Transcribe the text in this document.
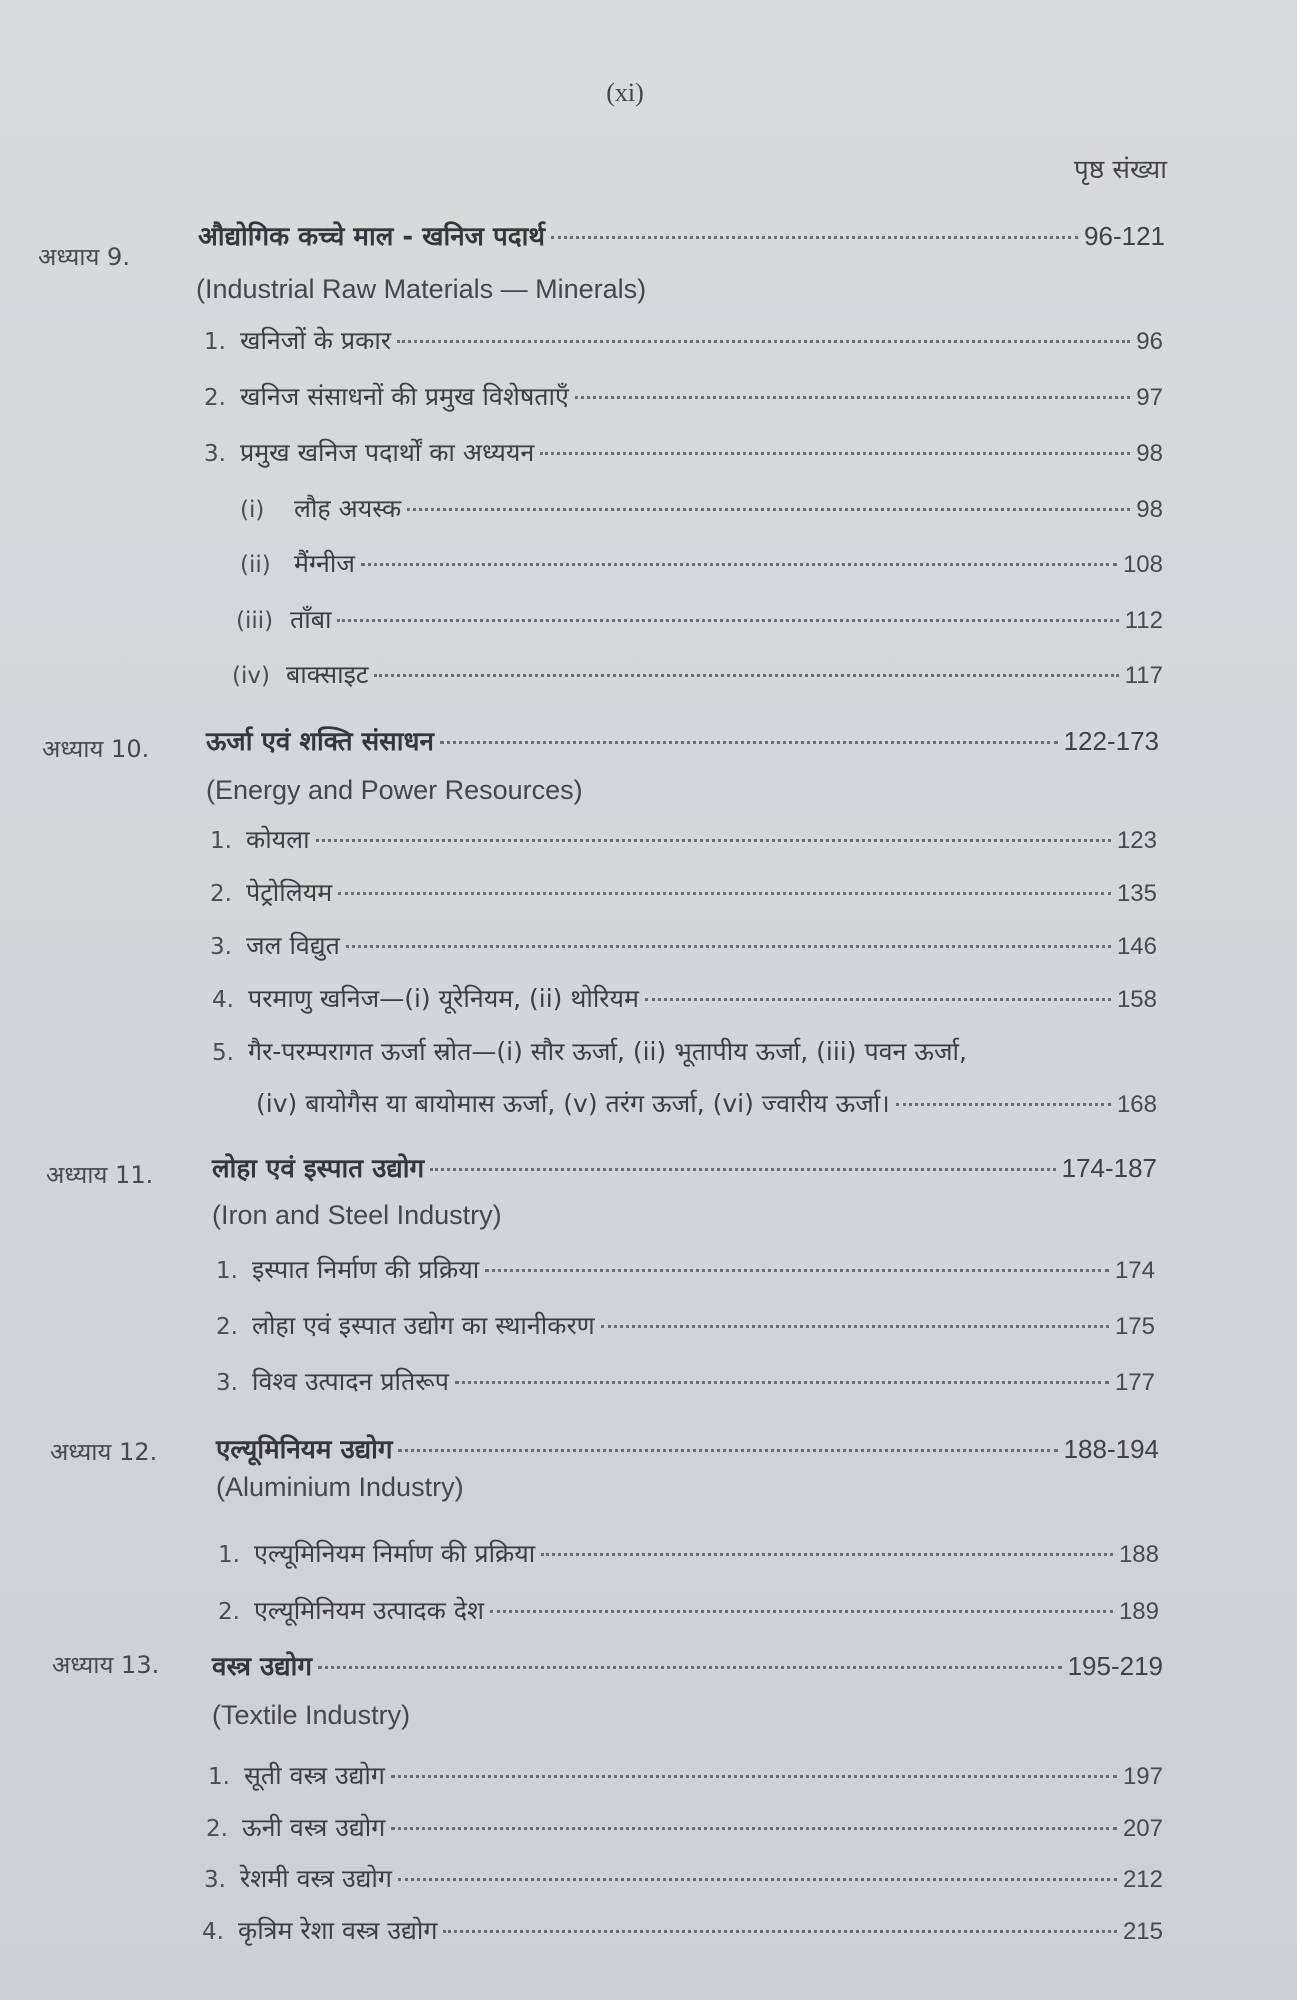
(xi)
पृष्ठ संख्या
अध्याय 9.
औद्योगिक कच्चे माल - खनिज पदार्थ	96-121
(Industrial Raw Materials — Minerals)
1. खनिजों के प्रकार	96
2. खनिज संसाधनों की प्रमुख विशेषताएँ	97
3. प्रमुख खनिज पदार्थों का अध्ययन	98
(i)	लौह अयस्क	98
(ii) मैंग्नीज	108
(iii) ताँबा	112
(iv) बाक्साइट	117
अध्याय 10. ऊर्जा एवं शक्ति संसाधन	122-173
(Energy and Power Resources)
1. कोयला	123
2. पेट्रोलियम	135
3. जल विद्युत	146
4. परमाणु खनिज—(i) यूरेनियम, (ii) थोरियम	158
5. गैर-परम्परागत ऊर्जा स्रोत—(i) सौर ऊर्जा, (ii) भूतापीय ऊर्जा, (iii) पवन ऊर्जा,
(iv) बायोगैस या बायोमास ऊर्जा, (v) तरंग ऊर्जा, (vi) ज्वारीय ऊर्जा।	168
अध्याय 11. लोहा एवं इस्पात उद्योग	174-187
(Iron and Steel Industry)
1. इस्पात निर्माण की प्रक्रिया	174
2. लोहा एवं इस्पात उद्योग का स्थानीकरण	175
3. विश्व उत्पादन प्रतिरूप	177
अध्याय 12. एल्यूमिनियम उद्योग	188-194
(Aluminium Industry)
1. एल्यूमिनियम निर्माण की प्रक्रिया	188
2. एल्यूमिनियम उत्पादक देश	189
अध्याय 13. वस्त्र उद्योग	195-219
(Textile Industry)
1. सूती वस्त्र उद्योग	197
2. ऊनी वस्त्र उद्योग	207
3. रेशमी वस्त्र उद्योग	212
4. कृत्रिम रेशा वस्त्र उद्योग	215
